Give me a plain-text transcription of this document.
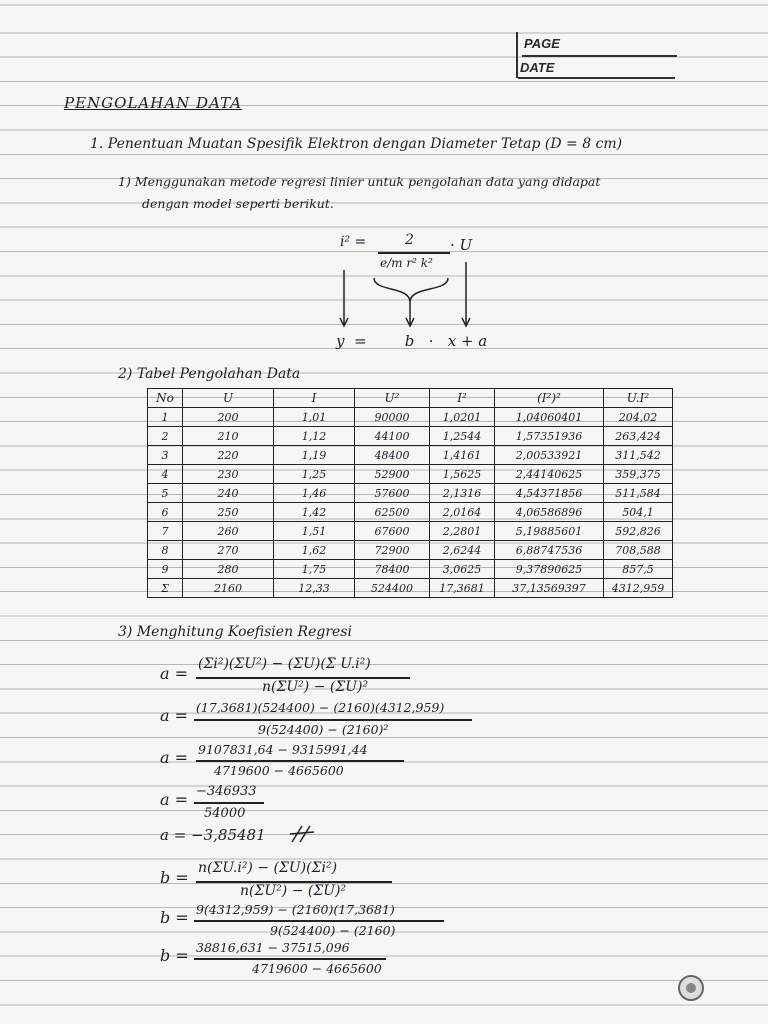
PAGE
DATE
PENGOLAHAN DATA
1. Penentuan Muatan Spesifik Elektron dengan Diameter Tetap (D = 8 cm)
1) Menggunakan metode regresi linier untuk pengolahan data yang didapat
dengan model seperti berikut.
i² =	2
e/m r² k²
· U
y  =        b   ·   x + a
2) Tabel Pengolahan Data
No	U	I	U²	I²	(I²)²	U.I²
1	200	1,01	90000	1,0201	1,04060401	204,02
2	210	1,12	44100	1,2544	1,57351936	263,424
3	220	1,19	48400	1,4161	2,00533921	311,542
4	230	1,25	52900	1,5625	2,44140625	359,375
5	240	1,46	57600	2,1316	4,54371856	511,584
6	250	1,42	62500	2,0164	4,06586896	504,1
7	260	1,51	67600	2,2801	5,19885601	592,826
8	270	1,62	72900	2,6244	6,88747536	708,588
9	280	1,75	78400	3,0625	9,37890625	857,5
Σ	2160	12,33	524400	17,3681	37,13569397	4312,959
3) Menghitung Koefisien Regresi
a = (Σi²)(ΣU²) − (ΣU)(Σ U.i²)
n(ΣU²) − (ΣU)²
a = (17,3681)(524400) − (2160)(4312,959)
9(524400) − (2160)²
a = 9107831,64 − 9315991,44
4719600 − 4665600
a = −346933
54000
a = −3,85481
b = n(ΣU.i²) − (ΣU)(Σi²)
n(ΣU²) − (ΣU)²
b = 9(4312,959) − (2160)(17,3681)
9(524400) − (2160)
b = 38816,631 − 37515,096
4719600 − 4665600
